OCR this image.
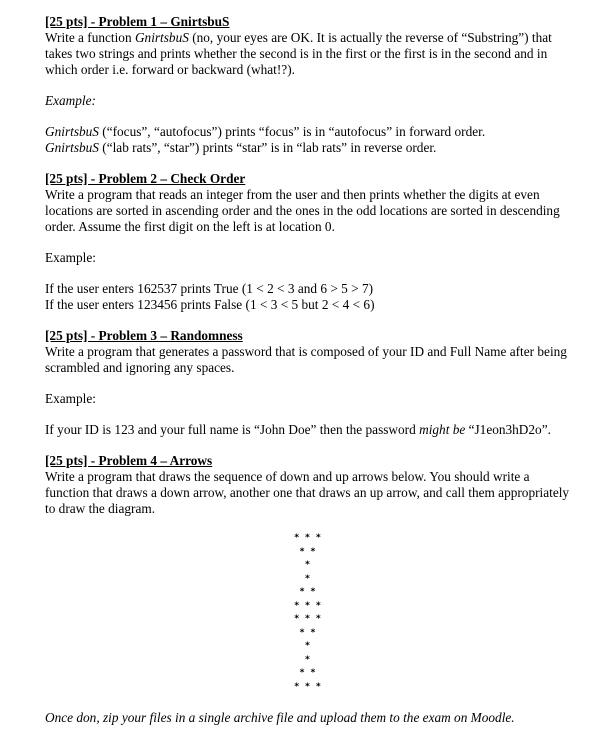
[25 pts] - Problem 1 – GnirtsbuS

Write a function GnirtsbuS (no, your eyes are OK. It is actually the reverse of “Substring”) that takes two strings and prints whether the second is in the first or the first is in the second and in which order i.e. forward or backward (what!?).

Example:

GnirtsbuS (“focus”, “autofocus”) prints “focus” is in “autofocus” in forward order.

GnirtsbuS (“lab rats”, “star”) prints “star” is in “lab rats” in reverse order.

[25 pts] - Problem 2 – Check Order

Write a program that reads an integer from the user and then prints whether the digits at even locations are sorted in ascending order and the ones in the odd locations are sorted in descending order. Assume the first digit on the left is at location 0.

Example:

If the user enters 162537 prints True (1 < 2 < 3 and 6 > 5 > 7)

If the user enters 123456 prints False (1 < 3 < 5 but 2 < 4 < 6)

[25 pts] - Problem 3 – Randomness

Write a program that generates a password that is composed of your ID and Full Name after being scrambled and ignoring any spaces.

Example:

If your ID is 123 and your full name is “John Doe” then the password might be “J1eon3hD2o”.

[25 pts] - Problem 4 – Arrows

Write a program that draws the sequence of down and up arrows below. You should write a function that draws a down arrow, another one that draws an up arrow, and call them appropriately to draw the diagram.

* * *
* *
*
*
* *
* * *
* * *
* *
*
*
* *
* * *

Once don, zip your files in a single archive file and upload them to the exam on Moodle.
